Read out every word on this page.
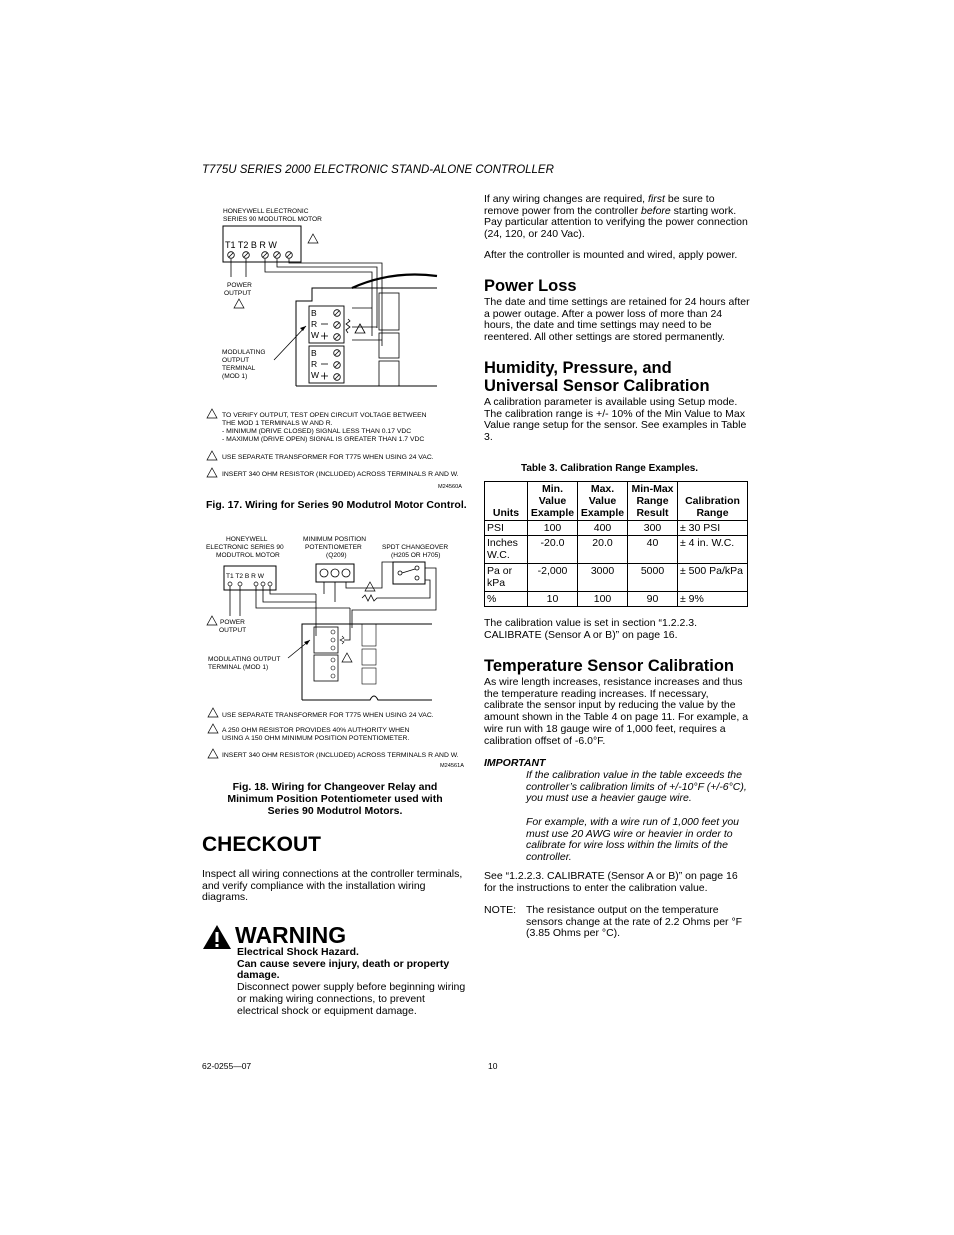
T775U SERIES 2000 ELECTRONIC STAND-ALONE CONTROLLER
HONEYWELL ELECTRONIC
SERIES 90 MODUTROL MOTOR
T1 T2 B R W
POWER
OUTPUT
B
R
W
B
R
W
MODULATING
OUTPUT
TERMINAL
(MOD 1)
TO VERIFY OUTPUT, TEST OPEN CIRCUIT VOLTAGE BETWEEN
THE MOD 1 TERMINALS W AND R.
- MINIMUM (DRIVE CLOSED) SIGNAL LESS THAN 0.17 VDC
- MAXIMUM (DRIVE OPEN) SIGNAL IS GREATER THAN 1.7 VDC
USE SEPARATE TRANSFORMER FOR T775 WHEN USING 24 VAC.
INSERT 340 OHM RESISTOR (INCLUDED) ACROSS TERMINALS R AND W.
M24560A
Fig. 17. Wiring for Series 90 Modutrol Motor Control.
HONEYWELL
ELECTRONIC SERIES 90
MODUTROL MOTOR
MINIMUM POSITION
POTENTIOMETER
(Q209)
SPDT CHANGEOVER
(H205 OR H705)
T1 T2 B R W
POWER
OUTPUT
MODULATING OUTPUT
TERMINAL (MOD 1)
USE SEPARATE TRANSFORMER FOR T775 WHEN USING 24 VAC.
A 250 OHM RESISTOR PROVIDES 40% AUTHORITY WHEN
USING A 150 OHM MINIMUM POSITION POTENTIOMETER.
INSERT 340 OHM RESISTOR (INCLUDED) ACROSS TERMINALS R AND W.
M24561A
Fig. 18. Wiring for Changeover Relay and
Minimum Position Potentiometer used with
Series 90 Modutrol Motors.
CHECKOUT

Inspect all wiring connections at the controller terminals, and verify compliance with the installation wiring diagrams.

WARNING
Electrical Shock Hazard.
Can cause severe injury, death or property damage.
Disconnect power supply before beginning wiring or making wiring connections, to prevent electrical shock or equipment damage.

If any wiring changes are required, first be sure to remove power from the controller before starting work. Pay particular attention to verifying the power connection (24, 120, or 240 Vac).

After the controller is mounted and wired, apply power.

Power Loss

The date and time settings are retained for 24 hours after a power outage. After a power loss of more than 24 hours, the date and time settings may need to be reentered. All other settings are stored permanently.

Humidity, Pressure, and Universal Sensor Calibration

A calibration parameter is available using Setup mode. The calibration range is +/- 10% of the Min Value to Max Value range setup for the sensor. See examples in Table 3.

Table 3. Calibration Range Examples.
Units	Min. Value Example	Max. Value Example	Min-Max Range Result	Calibration Range
PSI	100	400	300	± 30 PSI
Inches W.C.	-20.0	20.0	40	± 4 in. W.C.
Pa or kPa	-2,000	3000	5000	± 500 Pa/kPa
%	10	100	90	± 9%

The calibration value is set in section “1.2.2.3. CALIBRATE (Sensor A or B)” on page 16.

Temperature Sensor Calibration

As wire length increases, resistance increases and thus the temperature reading increases. If necessary, calibrate the sensor input by reducing the value by the amount shown in the Table 4 on page 11. For example, a wire run with 18 gauge wire of 1,000 feet, requires a calibration offset of -6.0°F.

IMPORTANT

If the calibration value in the table exceeds the controller’s calibration limits of +/-10°F (+/-6°C), you must use a heavier gauge wire.

For example, with a wire run of 1,000 feet you must use 20 AWG wire or heavier in order to calibrate for wire loss within the limits of the controller.

See “1.2.2.3. CALIBRATE (Sensor A or B)” on page 16 for the instructions to enter the calibration value.

NOTE: The resistance output on the temperature sensors change at the rate of 2.2 Ohms per °F (3.85 Ohms per °C).

62-0255—07	10
